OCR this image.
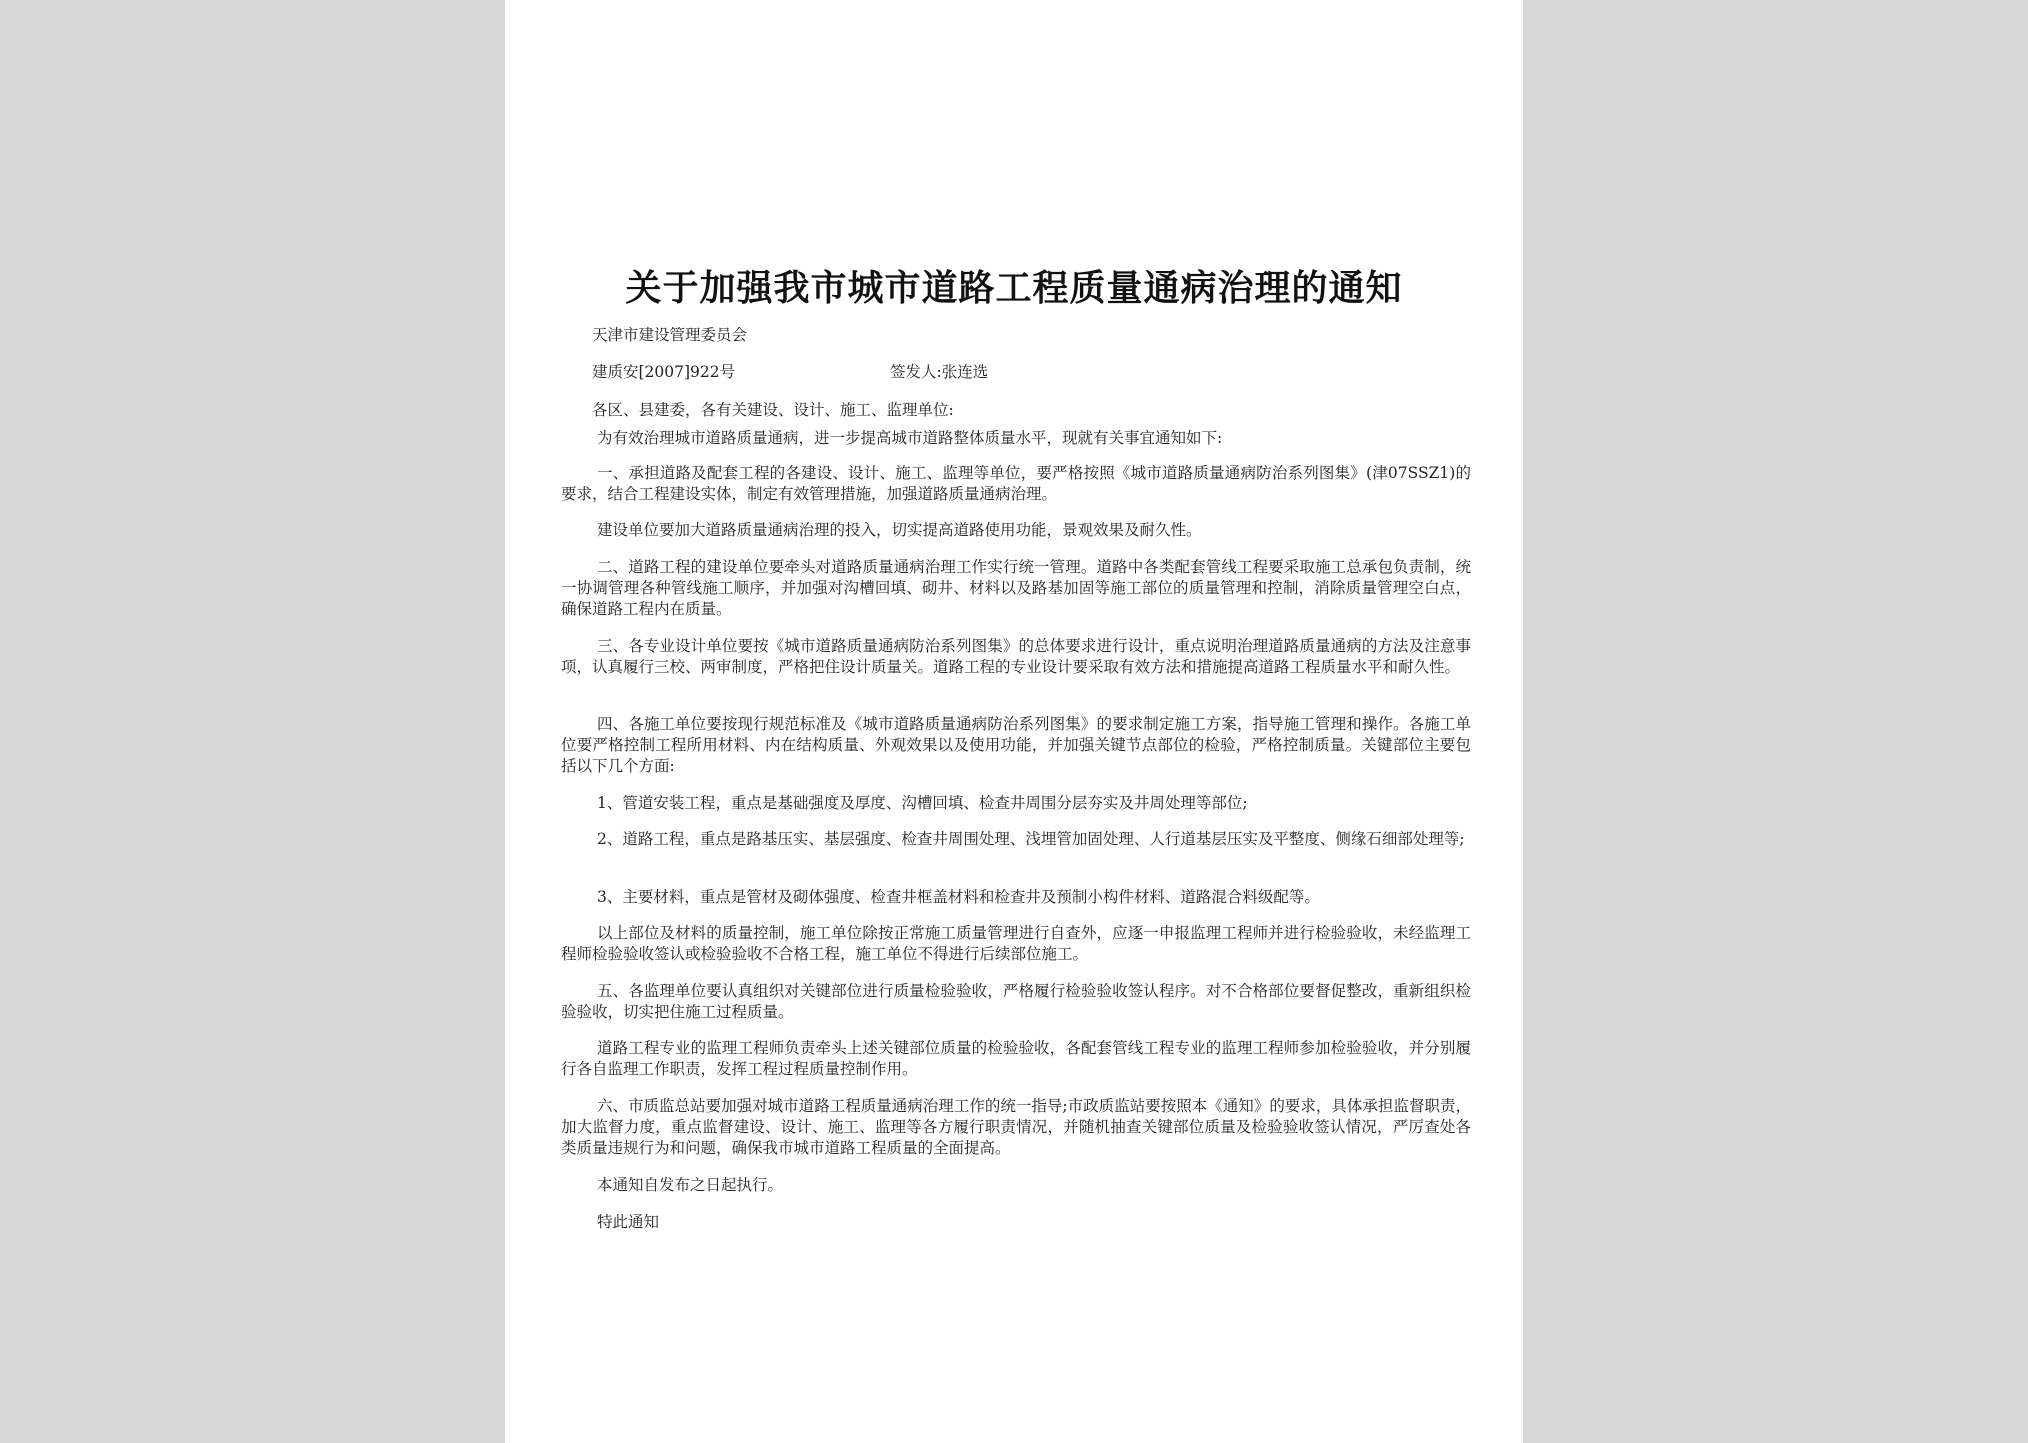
关于加强我市城市道路工程质量通病治理的通知
天津市建设管理委员会
建质安[2007]922号	签发人:张连选
各区、县建委，各有关建设、设计、施工、监理单位:

为有效治理城市道路质量通病，进一步提高城市道路整体质量水平，现就有关事宜通知如下:

一、承担道路及配套工程的各建设、设计、施工、监理等单位，要严格按照《城市道路质量通病防治系列图集》(津07SSZ1)的要求，结合工程建设实体，制定有效管理措施，加强道路质量通病治理。

建设单位要加大道路质量通病治理的投入，切实提高道路使用功能，景观效果及耐久性。

二、道路工程的建设单位要牵头对道路质量通病治理工作实行统一管理。道路中各类配套管线工程要采取施工总承包负责制，统一协调管理各种管线施工顺序，并加强对沟槽回填、砌井、材料以及路基加固等施工部位的质量管理和控制，消除质量管理空白点，确保道路工程内在质量。

三、各专业设计单位要按《城市道路质量通病防治系列图集》的总体要求进行设计，重点说明治理道路质量通病的方法及注意事项，认真履行三校、两审制度，严格把住设计质量关。道路工程的专业设计要采取有效方法和措施提高道路工程质量水平和耐久性。

四、各施工单位要按现行规范标准及《城市道路质量通病防治系列图集》的要求制定施工方案，指导施工管理和操作。各施工单位要严格控制工程所用材料、内在结构质量、外观效果以及使用功能，并加强关键节点部位的检验，严格控制质量。关键部位主要包括以下几个方面:

1、管道安装工程，重点是基础强度及厚度、沟槽回填、检查井周围分层夯实及井周处理等部位;

2、道路工程，重点是路基压实、基层强度、检查井周围处理、浅埋管加固处理、人行道基层压实及平整度、侧缘石细部处理等;

3、主要材料，重点是管材及砌体强度、检查井框盖材料和检查井及预制小构件材料、道路混合料级配等。

以上部位及材料的质量控制，施工单位除按正常施工质量管理进行自查外，应逐一申报监理工程师并进行检验验收，未经监理工程师检验验收签认或检验验收不合格工程，施工单位不得进行后续部位施工。

五、各监理单位要认真组织对关键部位进行质量检验验收，严格履行检验验收签认程序。对不合格部位要督促整改，重新组织检验验收，切实把住施工过程质量。

道路工程专业的监理工程师负责牵头上述关键部位质量的检验验收，各配套管线工程专业的监理工程师参加检验验收，并分别履行各自监理工作职责，发挥工程过程质量控制作用。

六、市质监总站要加强对城市道路工程质量通病治理工作的统一指导;市政质监站要按照本《通知》的要求，具体承担监督职责，加大监督力度，重点监督建设、设计、施工、监理等各方履行职责情况，并随机抽查关键部位质量及检验验收签认情况，严厉查处各类质量违规行为和问题，确保我市城市道路工程质量的全面提高。

本通知自发布之日起执行。

特此通知
